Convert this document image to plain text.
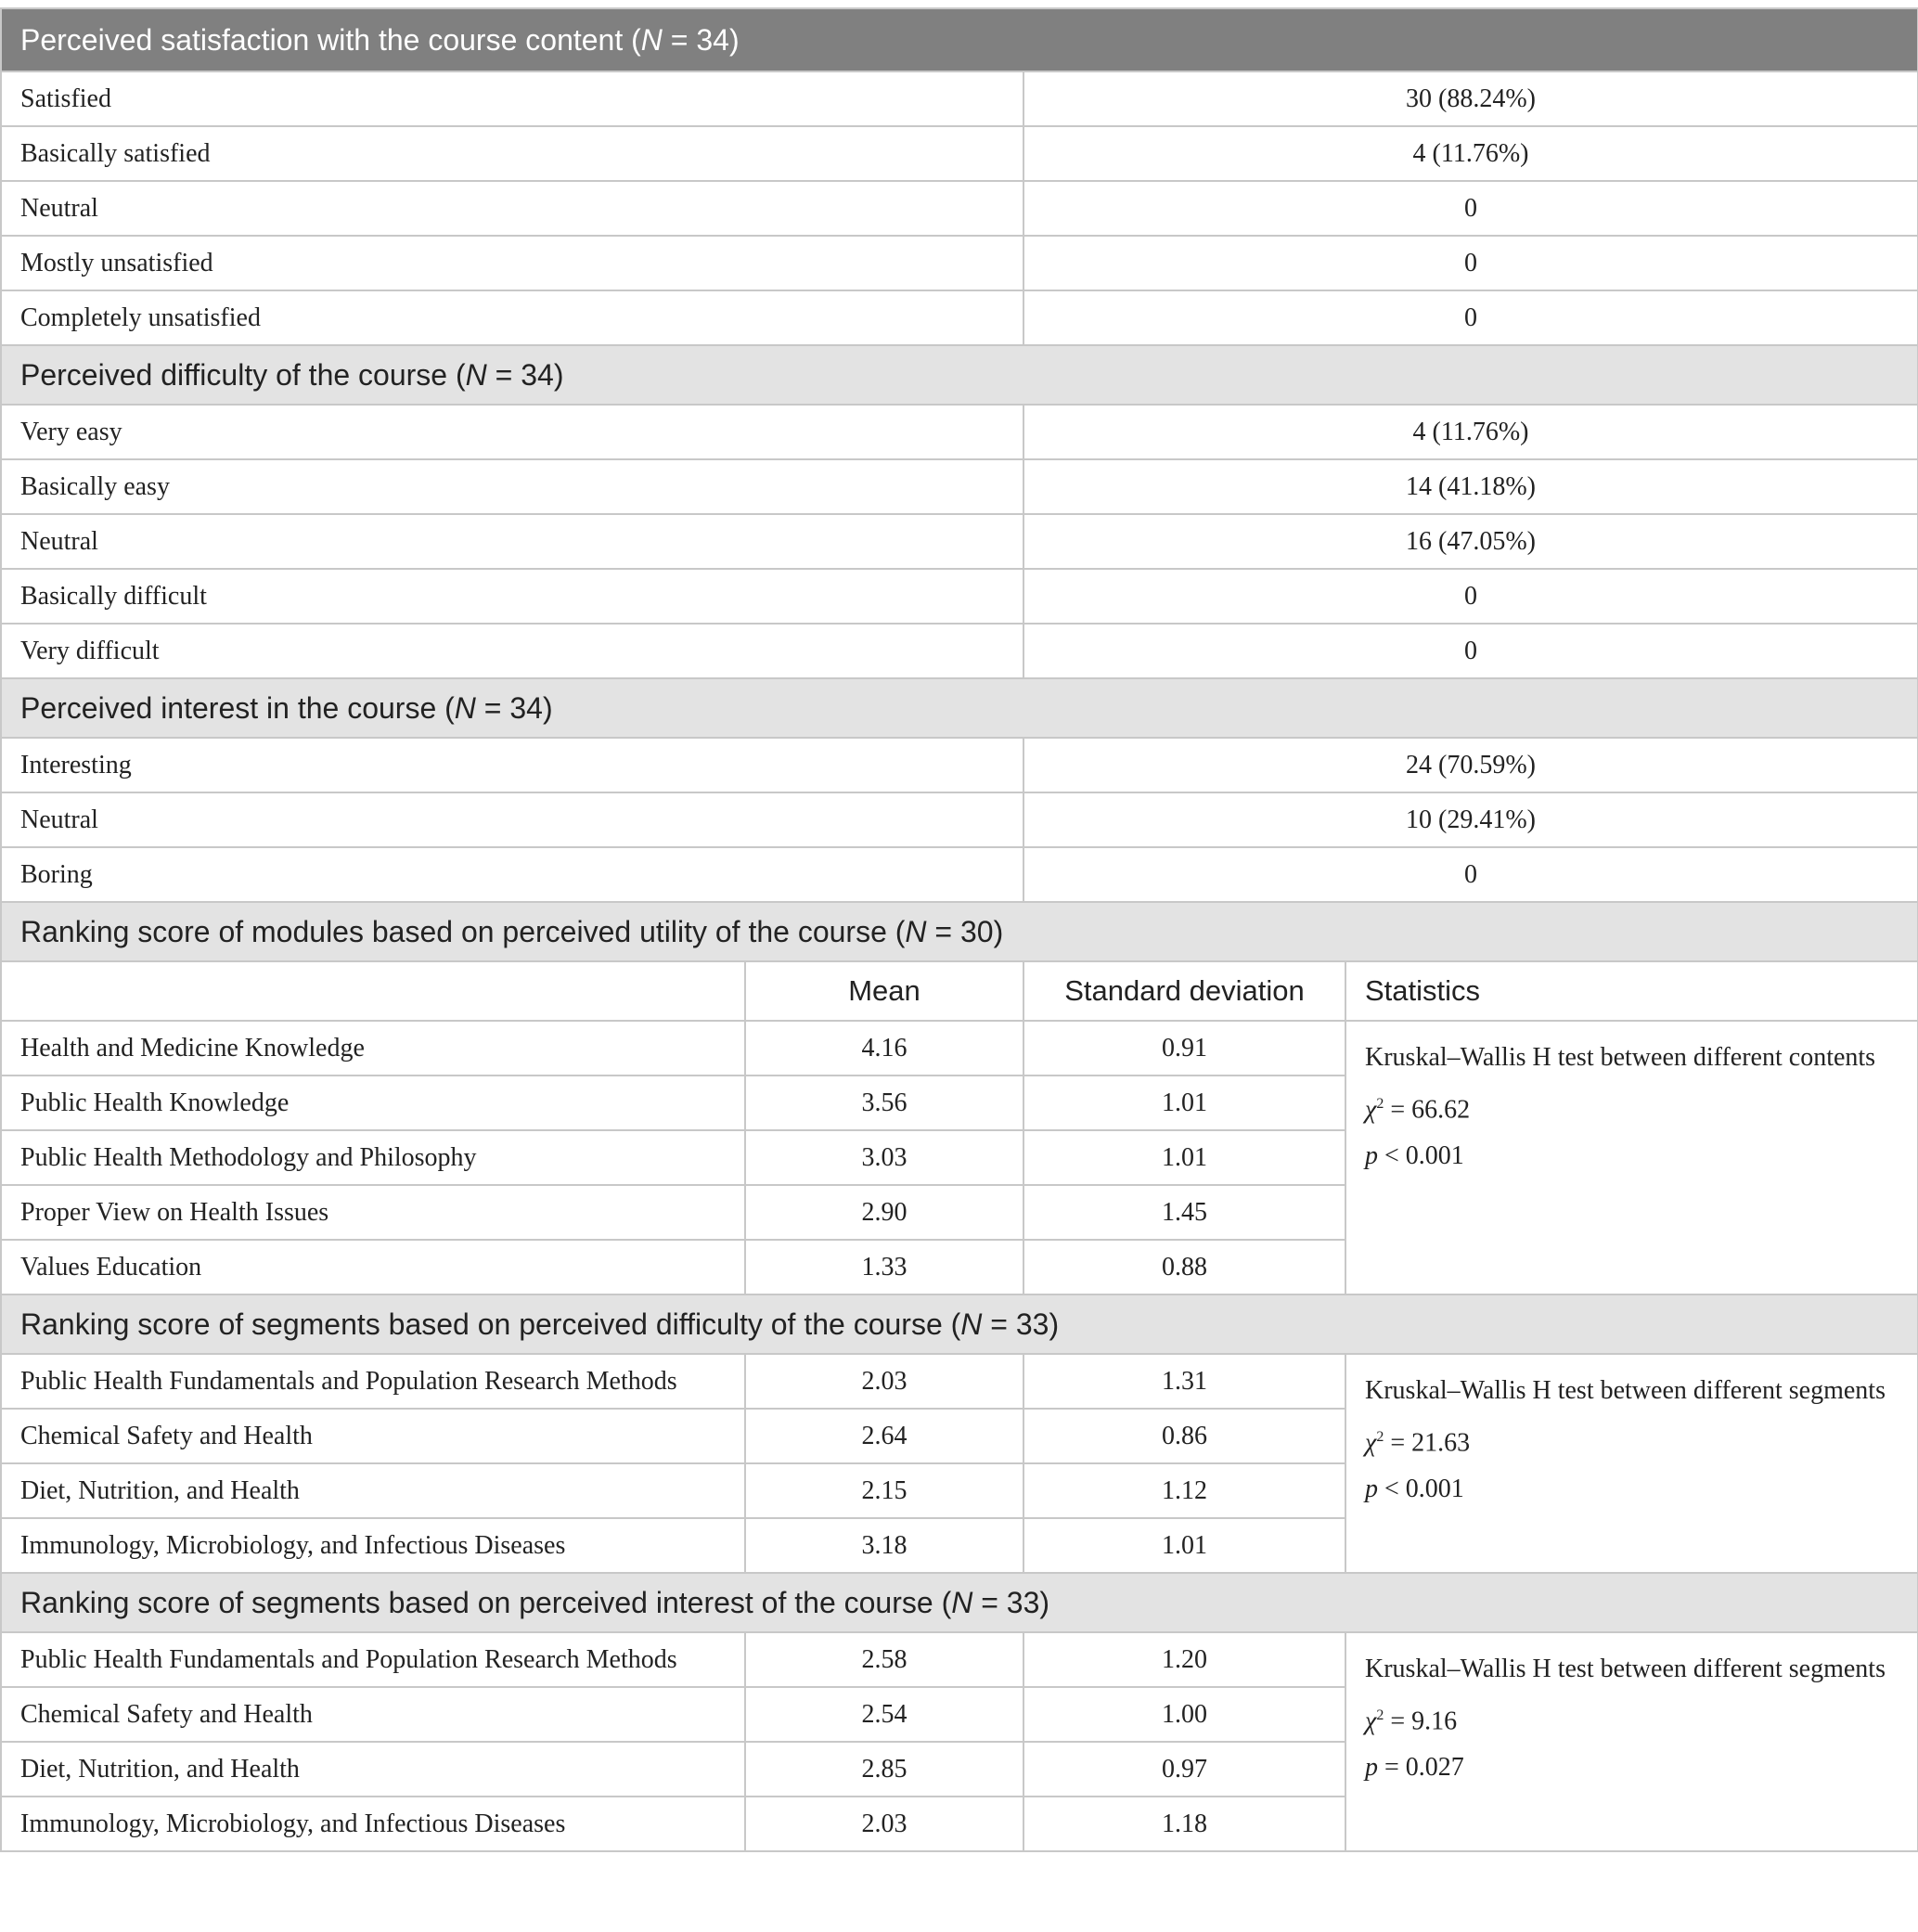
Perceived satisfaction with the course content (N = 34)			
Satisfied		30 (88.24%)	
Basically satisfied		4 (11.76%)	
Neutral		0	
Mostly unsatisfied		0	
Completely unsatisfied		0	
Perceived difficulty of the course (N = 34)			
Very easy		4 (11.76%)	
Basically easy		14 (41.18%)	
Neutral		16 (47.05%)	
Basically difficult		0	
Very difficult		0	
Perceived interest in the course (N = 34)			
Interesting		24 (70.59%)	
Neutral		10 (29.41%)	
Boring		0	
Ranking score of modules based on perceived utility of the course (N = 30)			
	Mean	Standard deviation	Statistics
Health and Medicine Knowledge	4.16	0.91	Kruskal–Wallis H test between different contents
$\chi^2 = 66.62$
p < 0.001

Public Health Knowledge	3.56	1.01	
Public Health Methodology and Philosophy	3.03	1.01	
Proper View on Health Issues	2.90	1.45	
Values Education	1.33	0.88	
Ranking score of segments based on perceived difficulty of the course (N = 33)			
Public Health Fundamentals and Population Research Methods	2.03	1.31	Kruskal–Wallis H test between different segments
$\chi^2 = 21.63$
p < 0.001

Chemical Safety and Health	2.64	0.86	
Diet, Nutrition, and Health	2.15	1.12	
Immunology, Microbiology, and Infectious Diseases	3.18	1.01	
Ranking score of segments based on perceived interest of the course (N = 33)			
Public Health Fundamentals and Population Research Methods	2.58	1.20	Kruskal–Wallis H test between different segments
$\chi^2 = 9.16$
p = 0.027

Chemical Safety and Health	2.54	1.00	
Diet, Nutrition, and Health	2.85	0.97	
Immunology, Microbiology, and Infectious Diseases	2.03	1.18	
